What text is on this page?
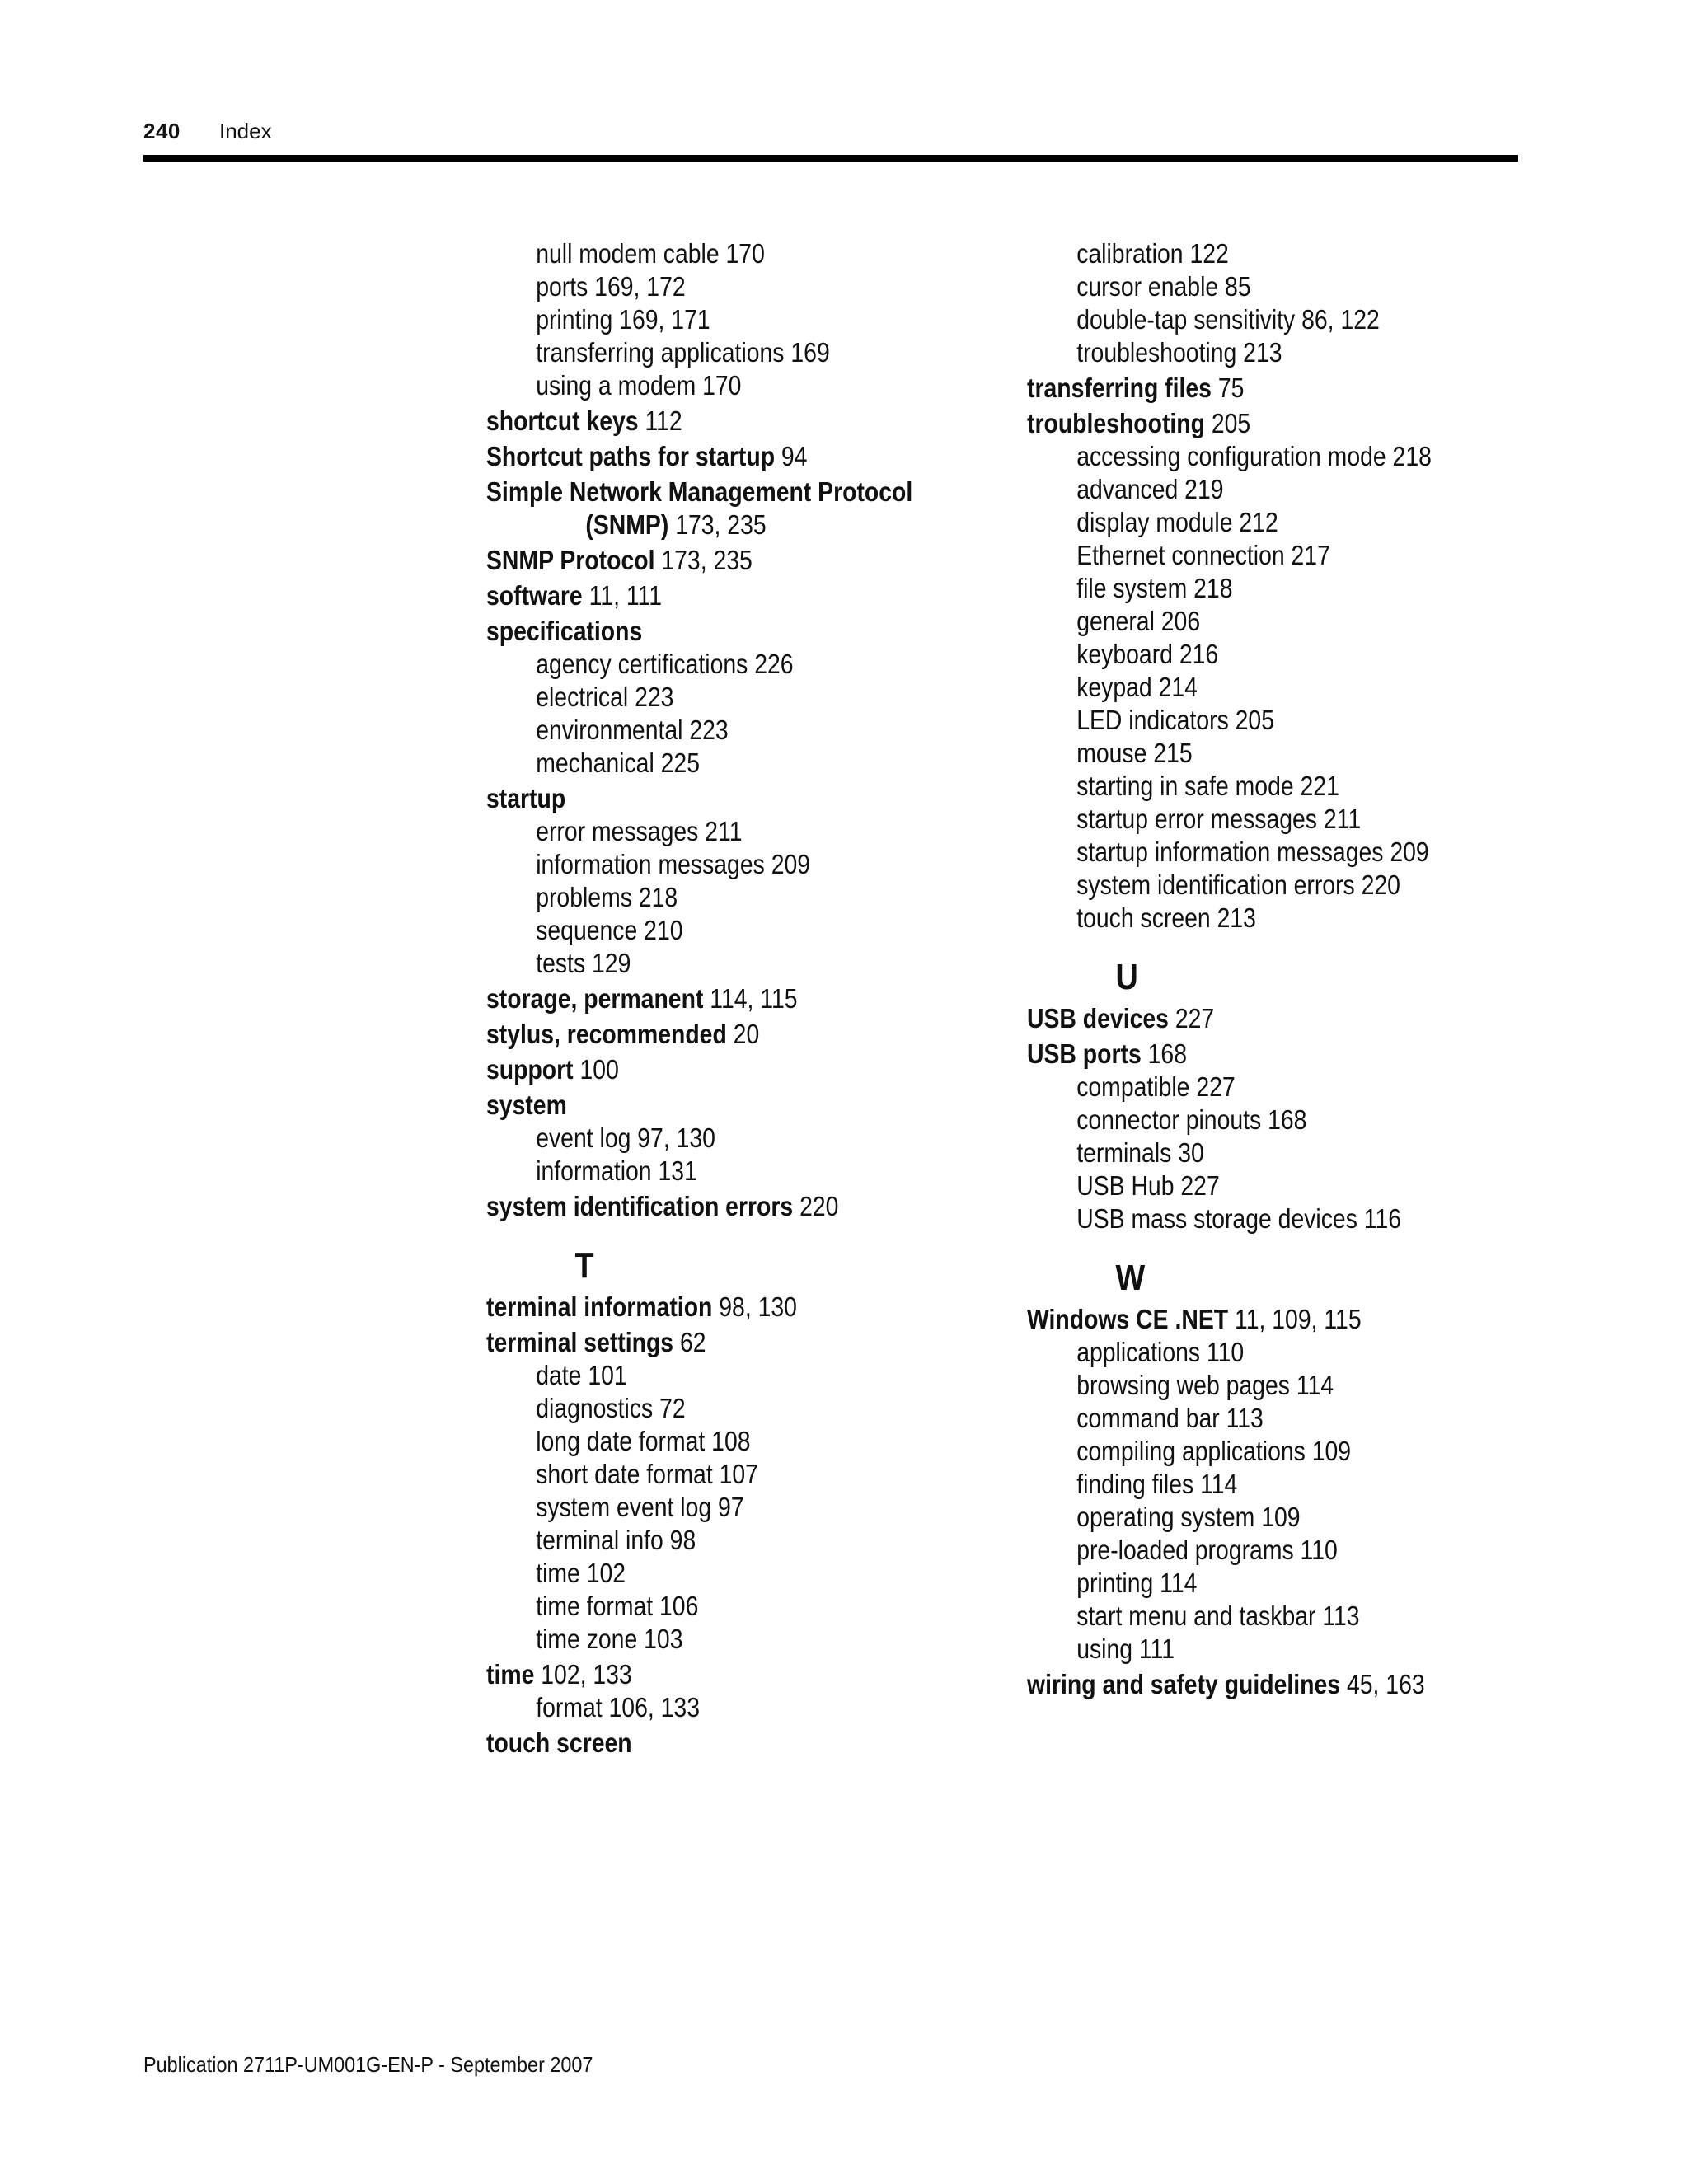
240 Index
null modem cable 170
ports 169, 172
printing 169, 171
transferring applications 169
using a modem 170
shortcut keys 112
Shortcut paths for startup 94
Simple Network Management Protocol
(SNMP) 173, 235
SNMP Protocol 173, 235
software 11, 111
specifications
agency certifications 226
electrical 223
environmental 223
mechanical 225
startup
error messages 211
information messages 209
problems 218
sequence 210
tests 129
storage, permanent 114, 115
stylus, recommended 20
support 100
system
event log 97, 130
information 131
system identification errors 220
T
terminal information 98, 130
terminal settings 62
date 101
diagnostics 72
long date format 108
short date format 107
system event log 97
terminal info 98
time 102
time format 106
time zone 103
time 102, 133
format 106, 133
touch screen
calibration 122
cursor enable 85
double-tap sensitivity 86, 122
troubleshooting 213
transferring files 75
troubleshooting 205
accessing configuration mode 218
advanced 219
display module 212
Ethernet connection 217
file system 218
general 206
keyboard 216
keypad 214
LED indicators 205
mouse 215
starting in safe mode 221
startup error messages 211
startup information messages 209
system identification errors 220
touch screen 213
U
USB devices 227
USB ports 168
compatible 227
connector pinouts 168
terminals 30
USB Hub 227
USB mass storage devices 116
W
Windows CE .NET 11, 109, 115
applications 110
browsing web pages 114
command bar 113
compiling applications 109
finding files 114
operating system 109
pre-loaded programs 110
printing 114
start menu and taskbar 113
using 111
wiring and safety guidelines 45, 163
Publication 2711P-UM001G-EN-P - September 2007
